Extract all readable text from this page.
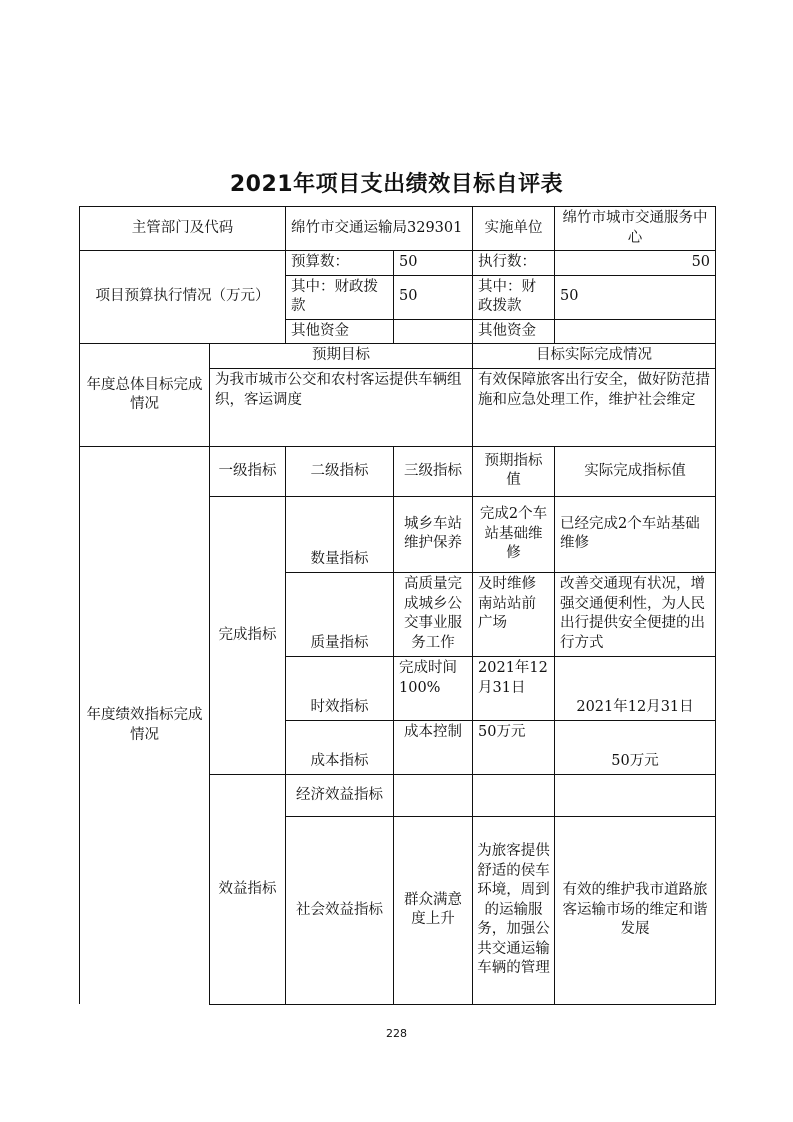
2021年项目支出绩效目标自评表
主管部门及代码		绵竹市交通运输局329301		实施单位	绵竹市城市交通服务中心
项目预算执行情况（万元）		预算数：	50	执行数：	50
		其中：财政拨款	50	其中：财政拨款	50
		其他资金		其他资金	
年度总体目标完成情况	预期目标			目标实际完成情况	
	为我市城市公交和农村客运提供车辆组织，客运调度			有效保障旅客出行安全，做好防范措施和应急处理工作，维护社会维定	
年度绩效指标完成情况	一级指标	二级指标	三级指标	预期指标值	实际完成指标值
	完成指标	数量指标	城乡车站维护保养	完成2个车站基础维修	已经完成2个车站基础维修
		质量指标	高质量完成城乡公交事业服务工作	及时维修南站站前广场	改善交通现有状况，增强交通便利性，为人民出行提供安全便捷的出行方式
		时效指标	完成时间100%	2021年12月31日	2021年12月31日
		成本指标	成本控制	50万元	50万元
	效益指标	经济效益指标			
		社会效益指标	群众满意度上升	为旅客提供舒适的侯车环境，周到的运输服务，加强公共交通运输车辆的管理	有效的维护我市道路旅客运输市场的维定和谐发展
228
